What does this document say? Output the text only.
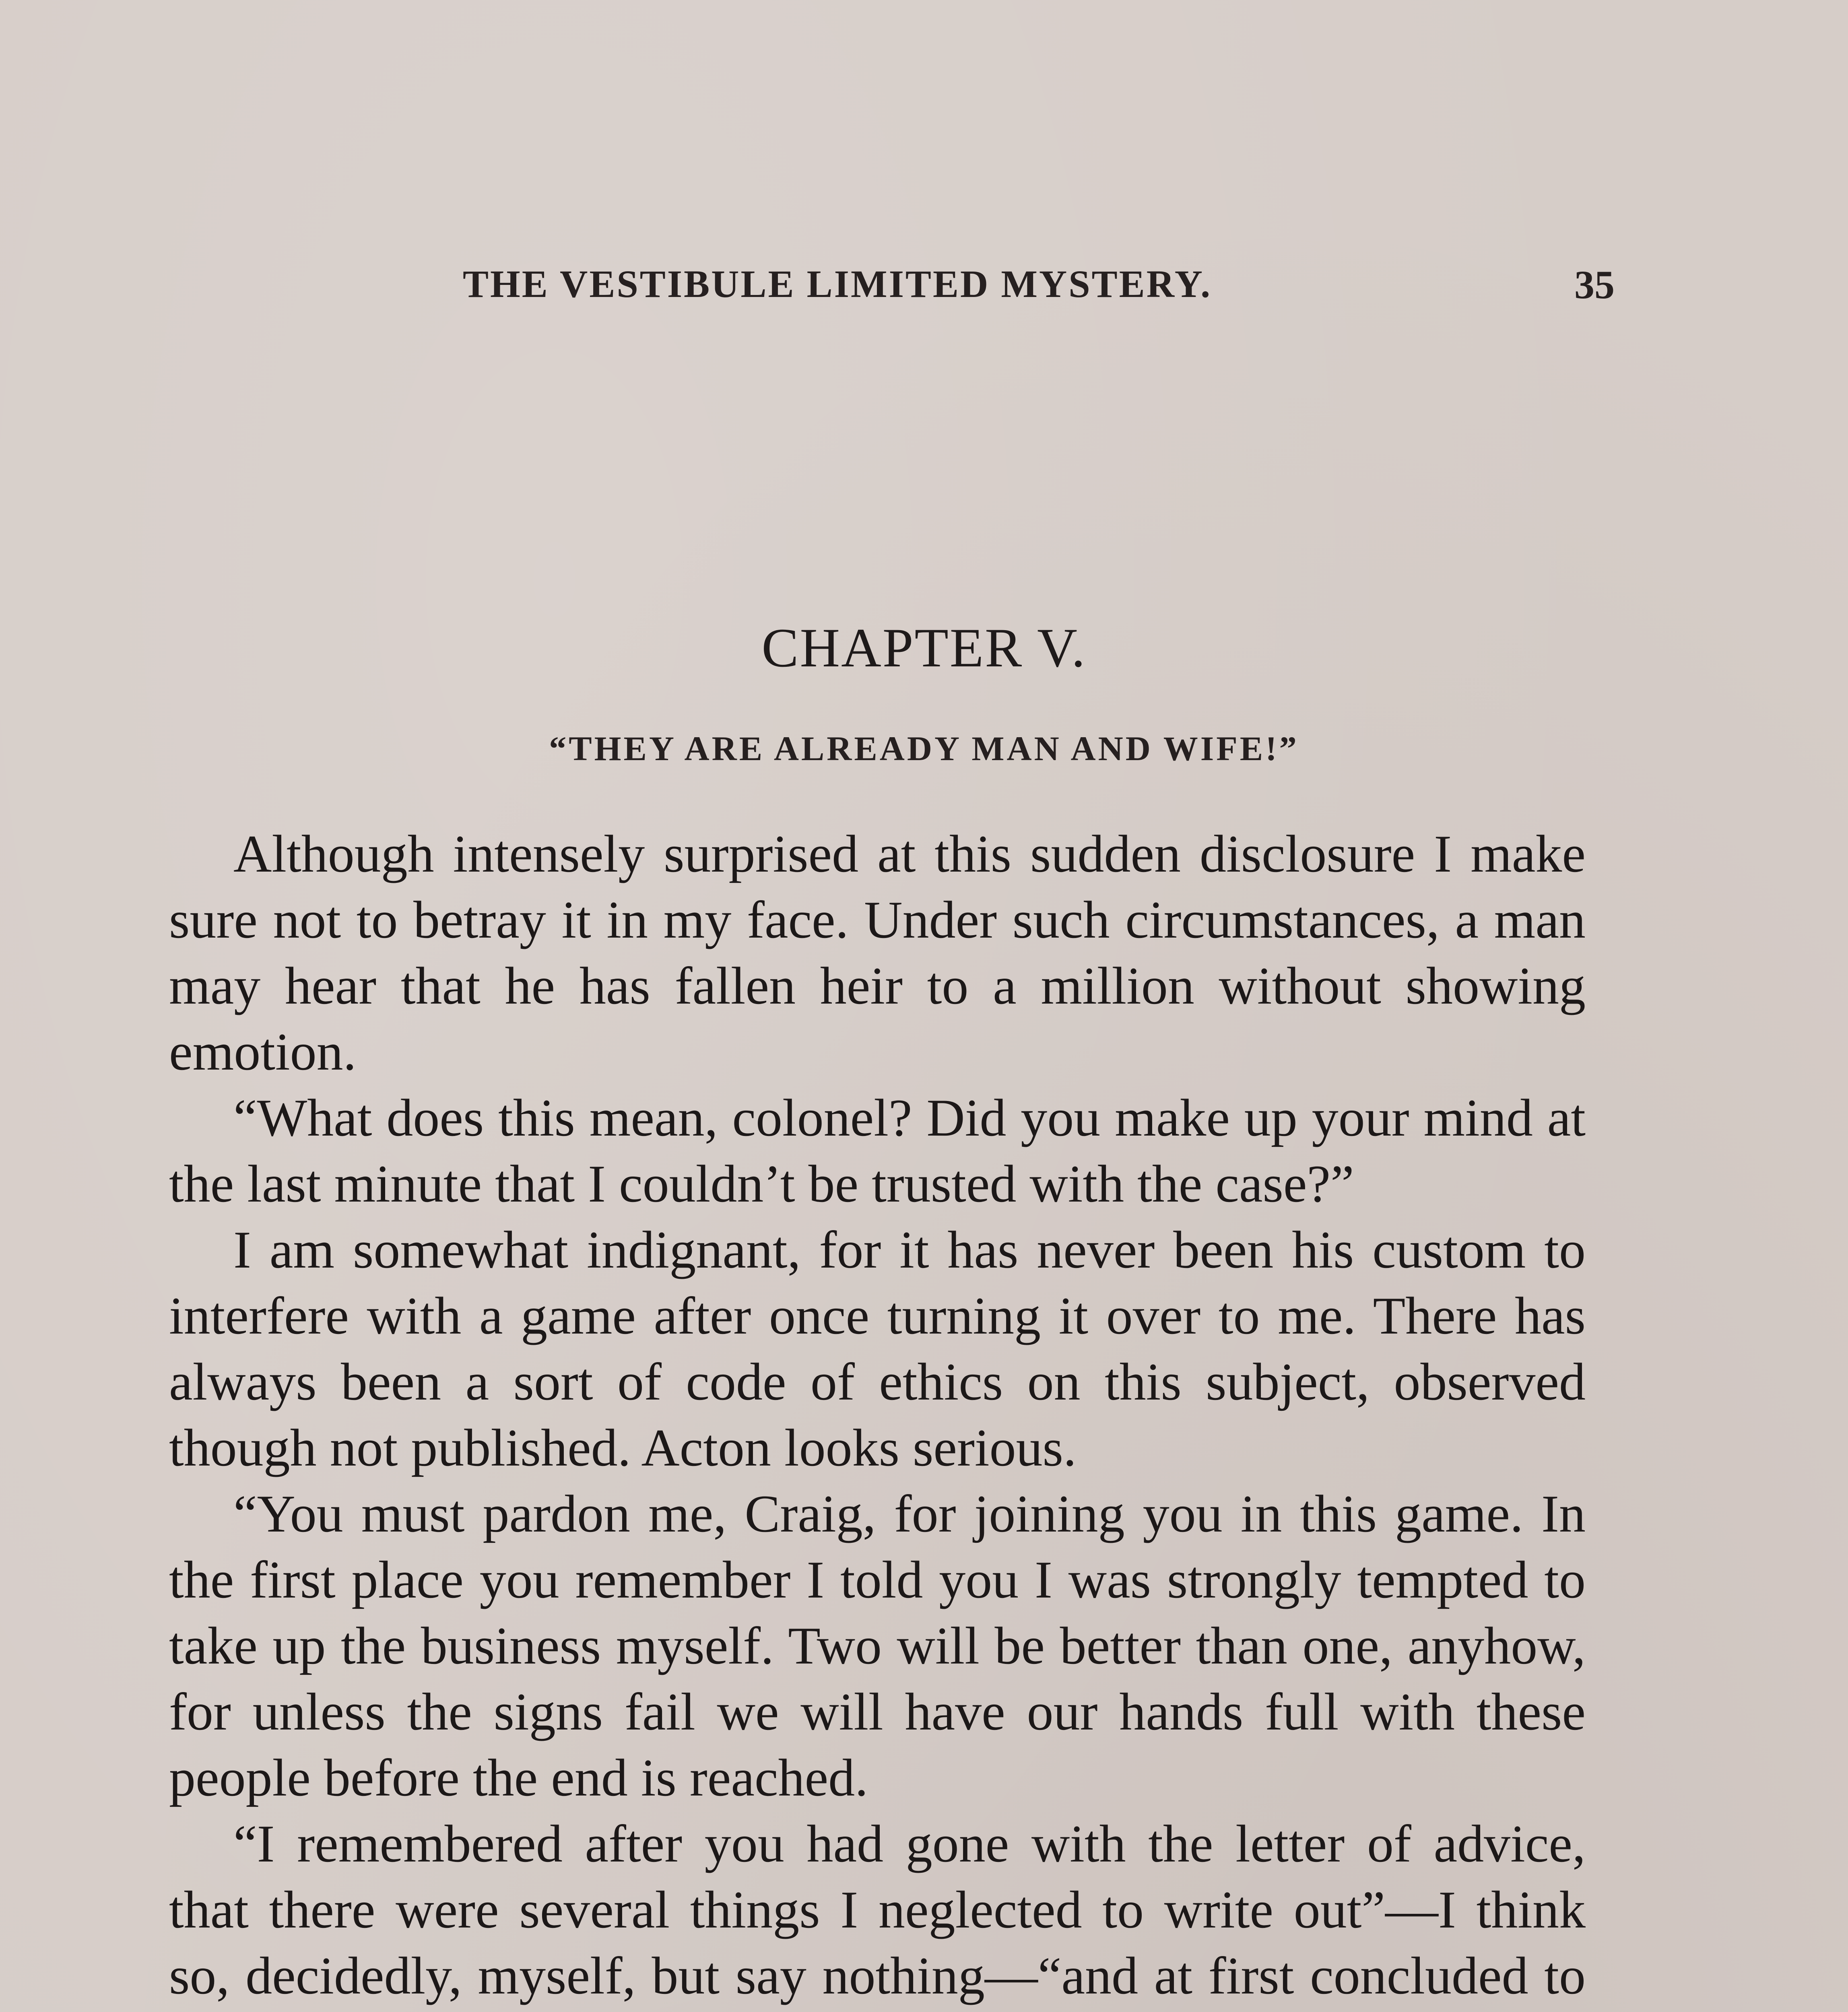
THE VESTIBULE LIMITED MYSTERY.	35
CHAPTER V.
“THEY ARE ALREADY MAN AND WIFE!”

Although intensely surprised at this sudden disclosure I make sure not to betray it in my face. Under such circumstances, a man may hear that he has fallen heir to a million without showing emotion.

“What does this mean, colonel? Did you make up your mind at the last minute that I couldn’t be trusted with the case?”

I am somewhat indignant, for it has never been his custom to interfere with a game after once turning it over to me. There has always been a sort of code of ethics on this subject, observed though not published. Acton looks serious.

“You must pardon me, Craig, for joining you in this game. In the first place you remember I told you I was strongly tempted to take up the business myself. Two will be better than one, anyhow, for unless the signs fail we will have our hands full with these people before the end is reached.

“I remembered after you had gone with the letter of advice, that there were several things I neglected to write out”—I think so, decidedly, myself, but say nothing—“and at first concluded to
